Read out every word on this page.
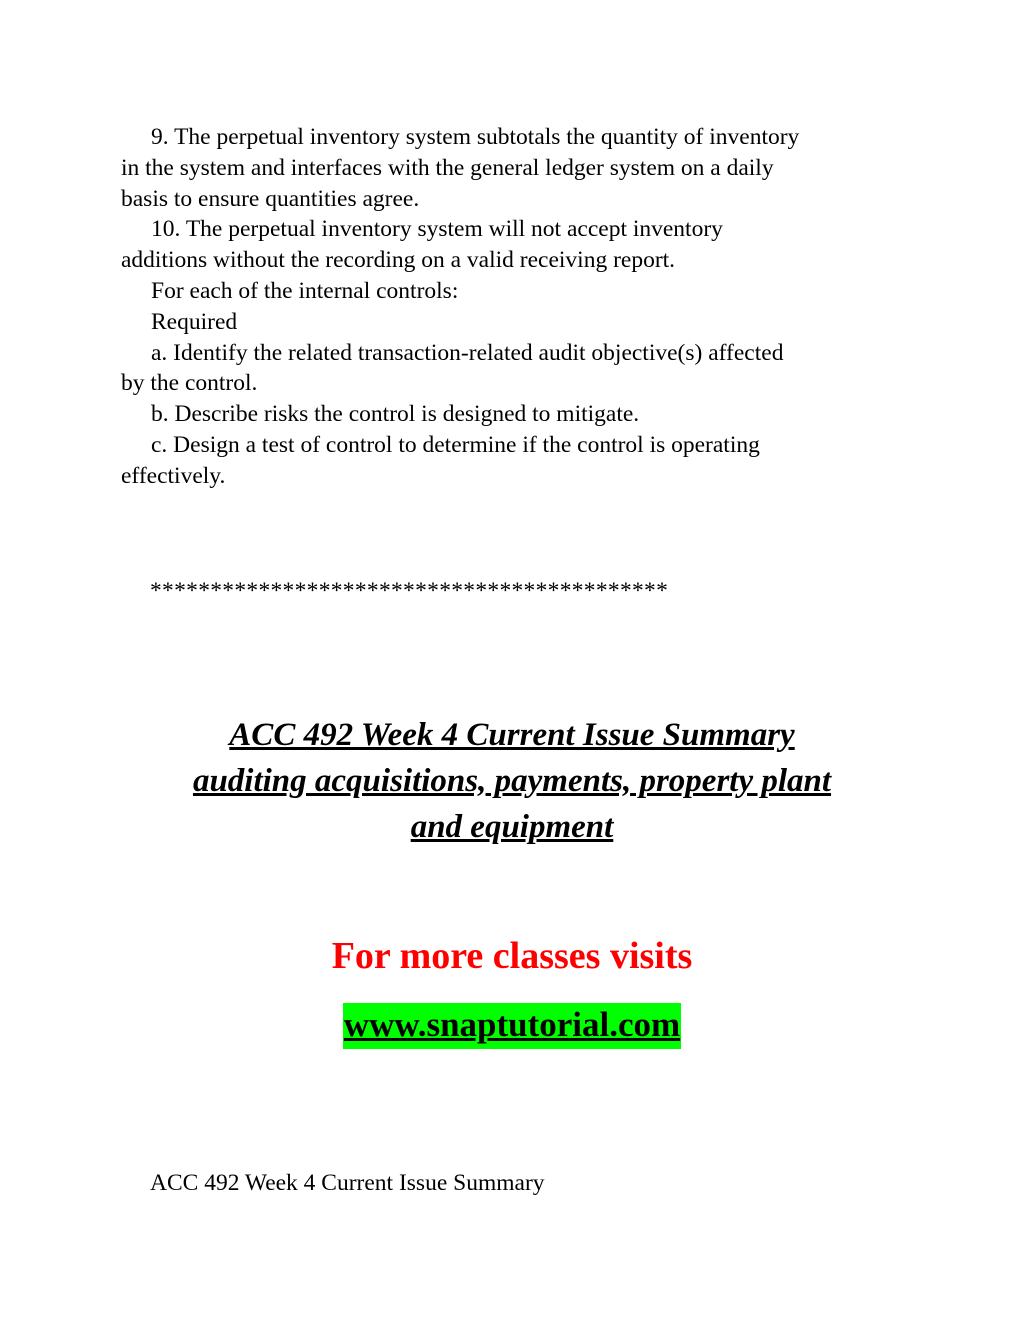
9. The perpetual inventory system subtotals the quantity of inventory
in the system and interfaces with the general ledger system on a daily
basis to ensure quantities agree.

10. The perpetual inventory system will not accept inventory
additions without the recording on a valid receiving report.

For each of the internal controls:

Required

a. Identify the related transaction-related audit objective(s) affected
by the control.

b. Describe risks the control is designed to mitigate.

c. Design a test of control to determine if the control is operating
effectively.

*******************************************
ACC 492 Week 4 Current Issue Summary
auditing acquisitions, payments, property plant
and equipment
For more classes visits
www.snaptutorial.com
ACC 492 Week 4 Current Issue Summary
